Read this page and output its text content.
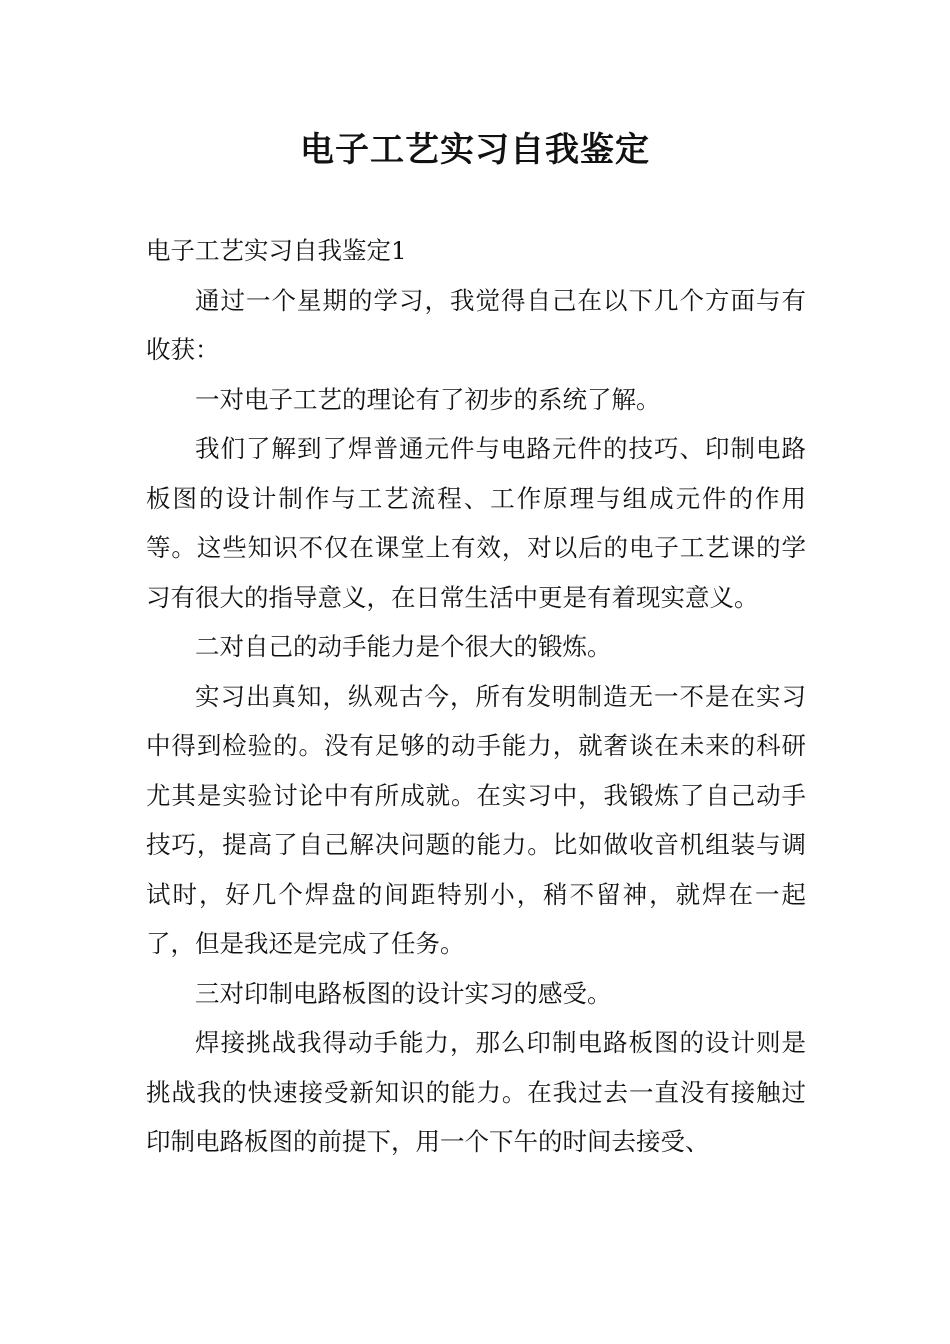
电子工艺实习自我鉴定

电子工艺实习自我鉴定1

通过一个星期的学习，我觉得自己在以下几个方面与有收获：

一对电子工艺的理论有了初步的系统了解。

我们了解到了焊普通元件与电路元件的技巧、印制电路板图的设计制作与工艺流程、工作原理与组成元件的作用等。这些知识不仅在课堂上有效，对以后的电子工艺课的学习有很大的指导意义，在日常生活中更是有着现实意义。

二对自己的动手能力是个很大的锻炼。

实习出真知，纵观古今，所有发明制造无一不是在实习中得到检验的。没有足够的动手能力，就奢谈在未来的科研尤其是实验讨论中有所成就。在实习中，我锻炼了自己动手技巧，提高了自己解决问题的能力。比如做收音机组装与调试时，好几个焊盘的间距特别小，稍不留神，就焊在一起了，但是我还是完成了任务。

三对印制电路板图的设计实习的感受。

焊接挑战我得动手能力，那么印制电路板图的设计则是挑战我的快速接受新知识的能力。在我过去一直没有接触过印制电路板图的前提下，用一个下午的时间去接受、
